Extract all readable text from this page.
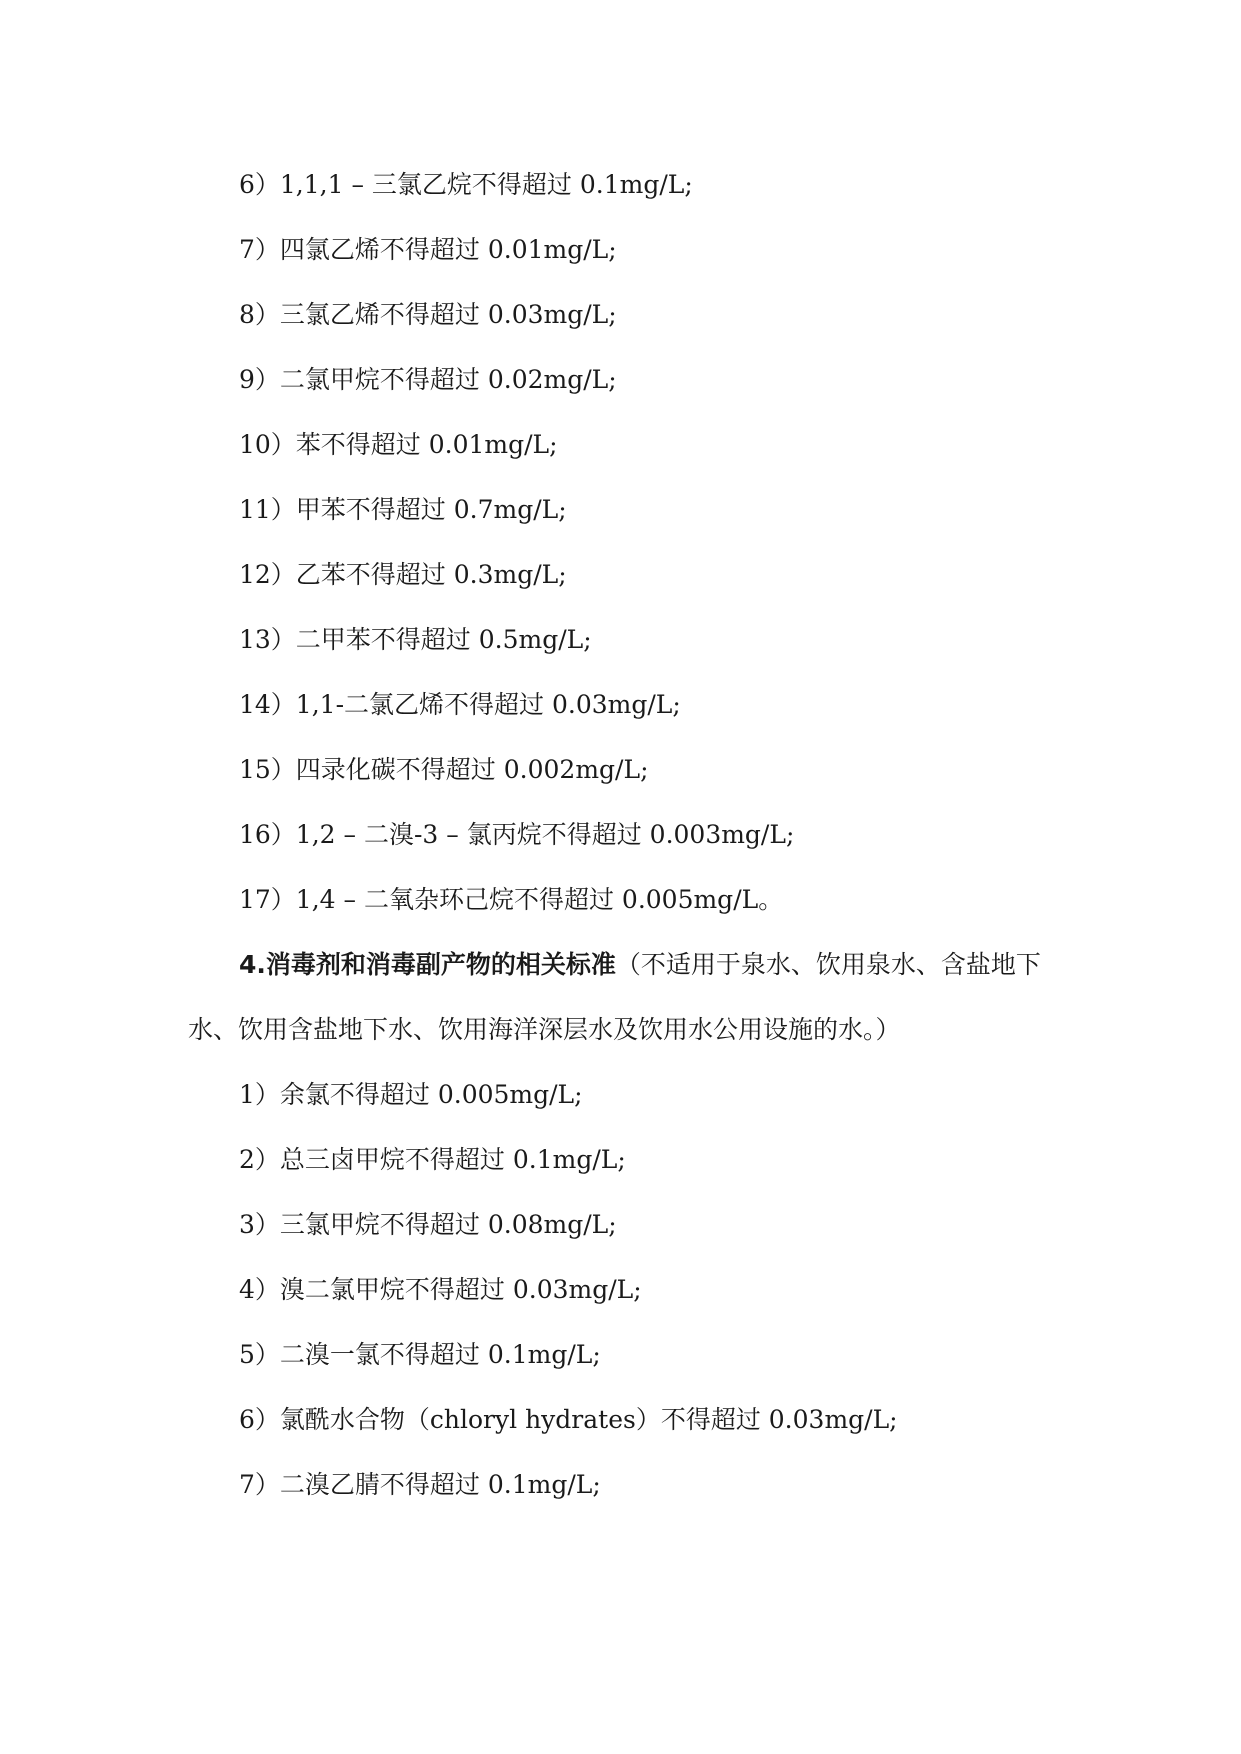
6）1,1,1 – 三氯乙烷不得超过 0.1mg/L;
7）四氯乙烯不得超过 0.01mg/L;
8）三氯乙烯不得超过 0.03mg/L;
9）二氯甲烷不得超过 0.02mg/L;
10）苯不得超过 0.01mg/L;
11）甲苯不得超过 0.7mg/L;
12）乙苯不得超过 0.3mg/L;
13）二甲苯不得超过 0.5mg/L;
14）1,1-二氯乙烯不得超过 0.03mg/L;
15）四录化碳不得超过 0.002mg/L;
16）1,2 – 二溴-3 – 氯丙烷不得超过 0.003mg/L;
17）1,4 – 二氧杂环己烷不得超过 0.005mg/L。

4.消毒剂和消毒副产物的相关标准（不适用于泉水、饮用泉水、含盐地下水、饮用含盐地下水、饮用海洋深层水及饮用水公用设施的水。）

1）余氯不得超过 0.005mg/L;
2）总三卤甲烷不得超过 0.1mg/L;
3）三氯甲烷不得超过 0.08mg/L;
4）溴二氯甲烷不得超过 0.03mg/L;
5）二溴一氯不得超过 0.1mg/L;
6）氯酰水合物（chloryl hydrates）不得超过 0.03mg/L;
7）二溴乙腈不得超过 0.1mg/L;
